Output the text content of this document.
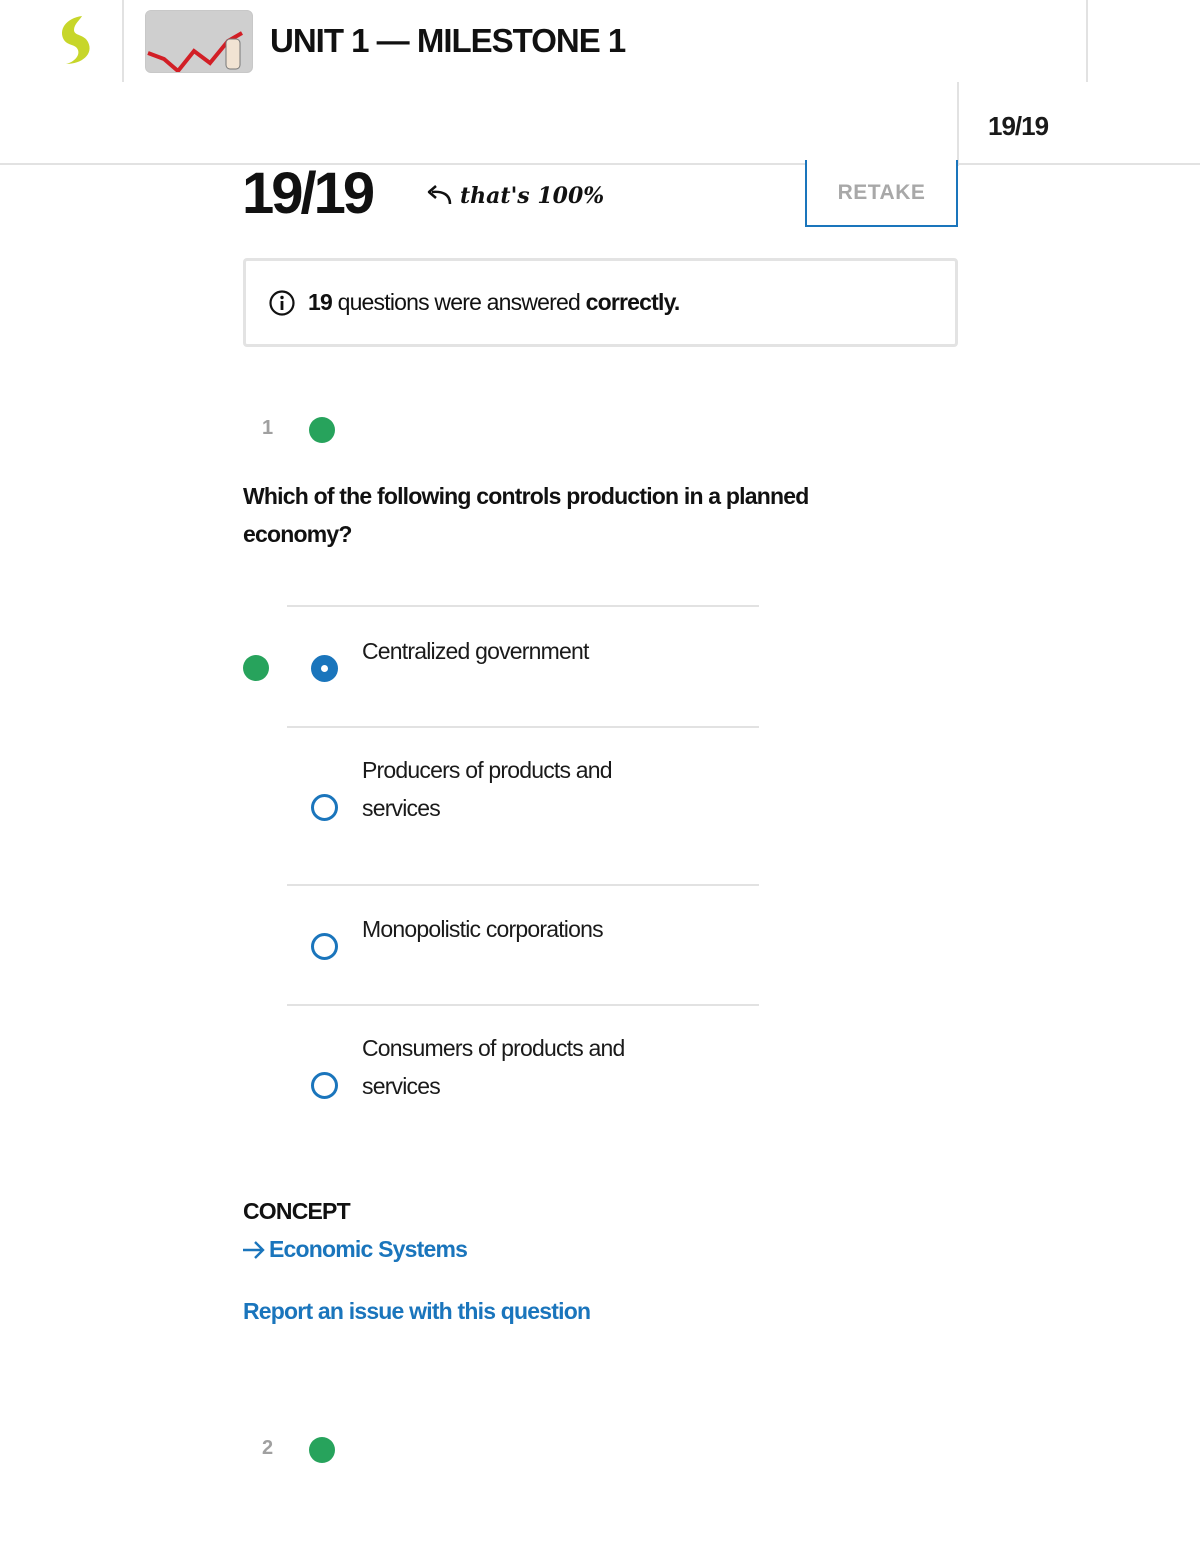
UNIT 1 — MILESTONE 1
19/19
19/19	that's 100%	RETAKE
19 questions were answered correctly.
1
Which of the following controls production in a planned economy?
Centralized government
Producers of products and services
Monopolistic corporations
Consumers of products and services
CONCEPT
Economic Systems
Report an issue with this question
2
